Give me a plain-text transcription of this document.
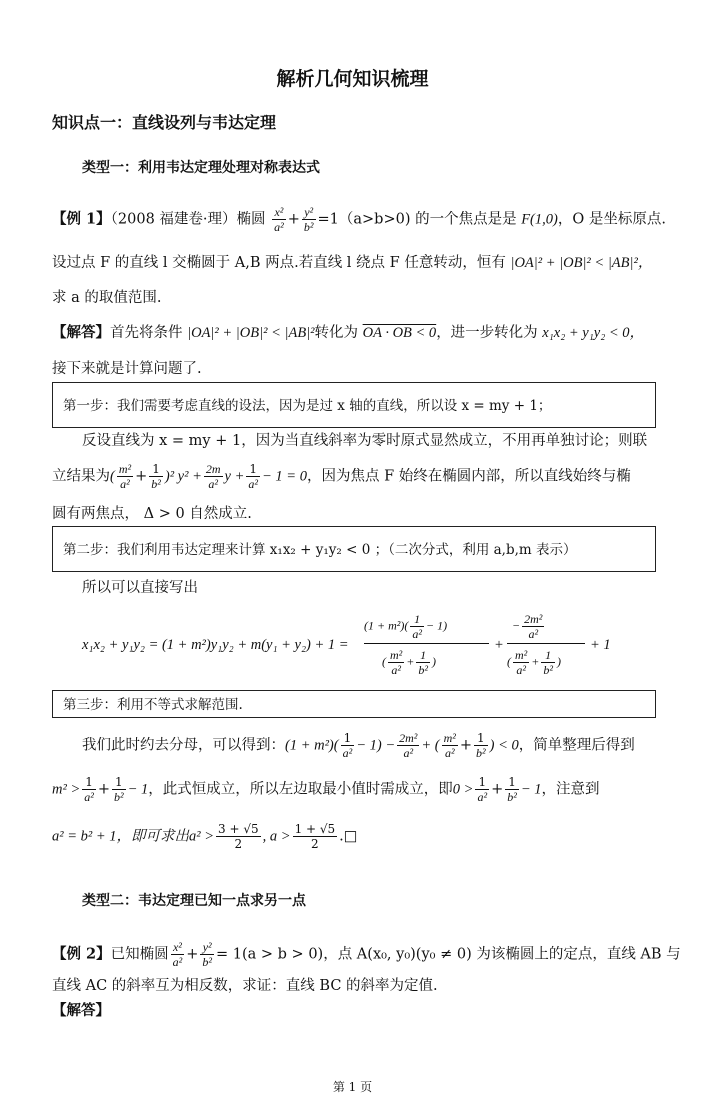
解析几何知识梳理
知识点一：直线设列与韦达定理
类型一：利用韦达定理处理对称表达式
【例 1】（2008 福建卷·理）椭圆 $\frac{\text{x²}}{\text{a²}} + \frac{\text{y²}}{\text{b²}} =1(a>b>0)$ 的一个焦点是是 F(1,0)，O 是坐标原点.
设过点 F 的直线 l 交椭圆于 A,B 两点.若直线 l 绕点 F 任意转动，恒有 |OA|² + |OB|² < |AB|²，
求 a 的取值范围.
【解答】首先将条件 |OA|² + |OB|² < |AB|²转化为 OA · OB < 0，进一步转化为 x₁x₂ + y₁y₂ < 0，
接下来就是计算问题了.
第一步：我们需要考虑直线的设法，因为是过 x 轴的直线，所以设 x = my + 1；
反设直线为 x = my + 1，因为当直线斜率为零时原式显然成立，不用再单独讨论；则联
立结果为( $\frac{\text{m²}}{\text{a²}} + \frac{1}{\text{b²}} )^2$ $y^2 + \frac{2m}{\text{a²}}$ $y + \frac{1}{\text{a²}} - 1 = 0$，因为焦点 F 始终在椭圆内部，所以直线始终与椭
圆有两焦点， Δ > 0 自然成立.
第二步：我们利用韦达定理来计算 x₁x₂ + y₁y₂ < 0 ；（二次分式，利用 a,b,m 表示）
所以可以直接写出
x₁x₂ + y₁y₂ = (1 + m²)y₁y₂ + m(y₁ + y₂) + 1 =
$(1 + m^2)( \frac{1}{\text{a²}} - 1)$
( $\frac{\text{m²}}{\text{a²}} + \frac{1}{\text{b²}}$ )
+
− $\frac{\text{2m²}}{\text{a²}}$
( $\frac{\text{m²}}{\text{a²}} + \frac{1}{\text{b²}}$ )
+ 1
第三步：利用不等式求解范围.
我们此时约去分母，可以得到：$(1 + m^2)( \frac{1}{\text{a²}} - 1) - \frac{\text{2m²}}{\text{a²}}$ + ( $\frac{\text{m²}}{\text{a²}} + \frac{1}{\text{b²}}$ ) < 0，简单整理后得到
$m^2 > \frac{1}{\text{a²}} + \frac{1}{\text{b²}} - 1$，此式恒成立，所以左边取最小值时需成立，即$0 > \frac{1}{\text{a²}} + \frac{1}{\text{b²}} - 1$，注意到
a² = b² + 1，即可求出$a^2 > \frac{3 + √5}{2}$ , $a > \frac{1 + √5}{2}$ .□
类型二：韦达定理已知一点求另一点
【例 2】已知椭圆 $\frac{\text{x²}}{\text{a²}} + \frac{\text{y²}}{\text{b²}} = 1(a > b > 0)$，点 A(x₀, y₀)(y₀ ≠ 0) 为该椭圆上的定点，直线 AB 与
直线 AC 的斜率互为相反数，求证：直线 BC 的斜率为定值.
【解答】
第 1 页
